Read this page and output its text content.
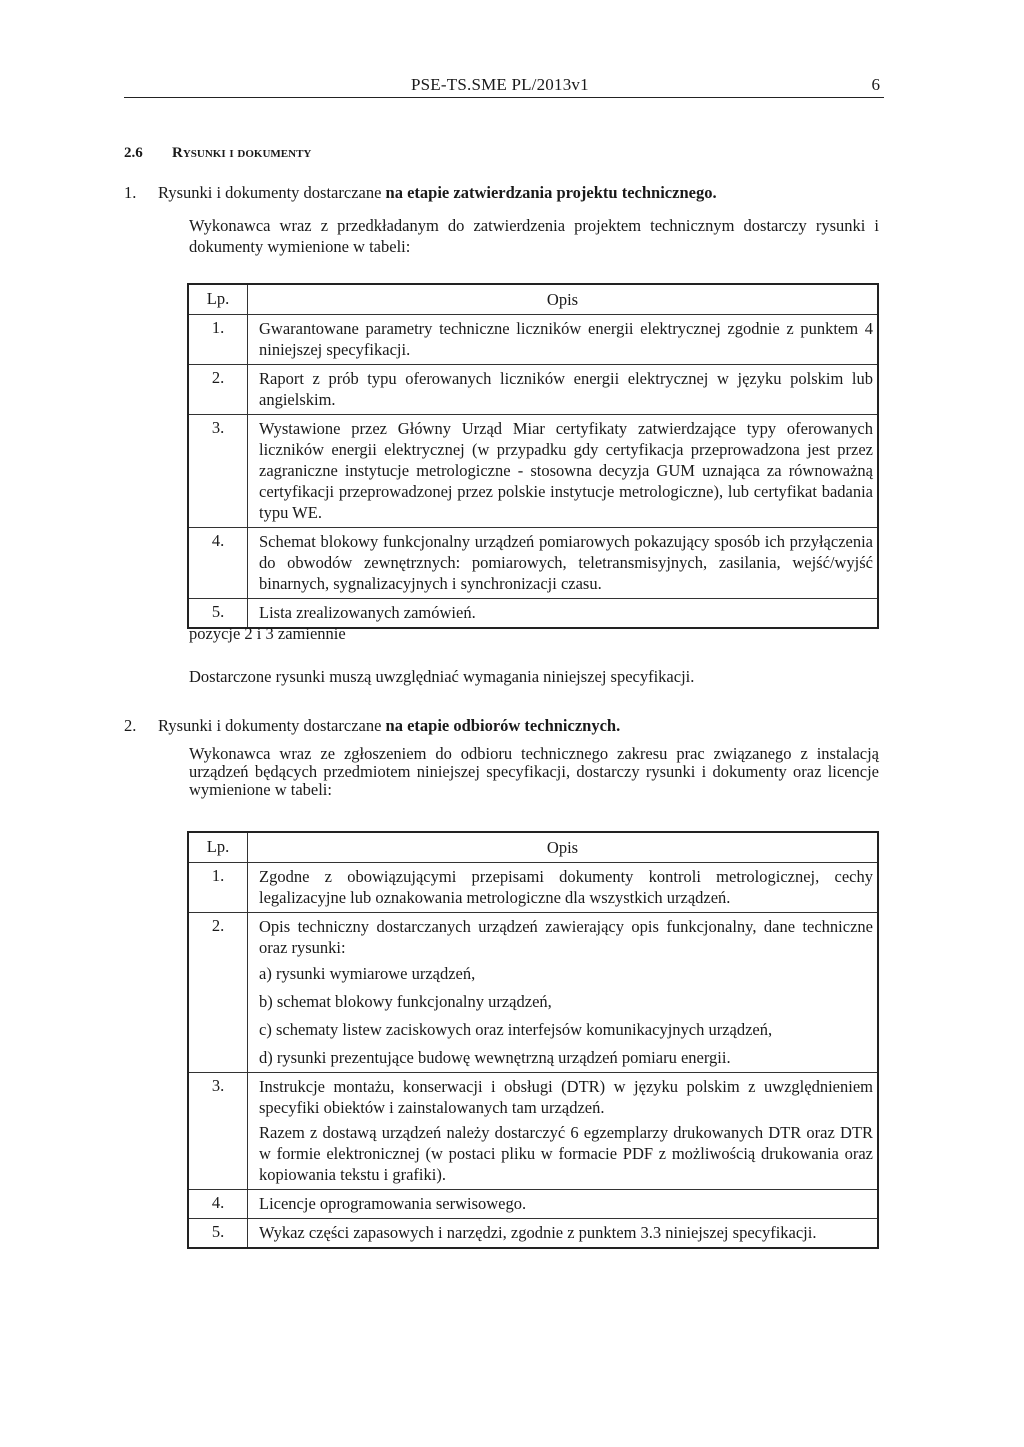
PSE-TS.SME PL/2013v1	6
2.6 Rysunki i dokumenty
1. Rysunki i dokumenty dostarczane na etapie zatwierdzania projektu technicznego.
Wykonawca wraz z przedkładanym do zatwierdzenia projektem technicznym dostarczy rysunki i dokumenty wymienione w tabeli:
Lp.	Opis

1.	Gwarantowane parametry techniczne liczników energii elektrycznej zgodnie z punktem 4 niniejszej specyfikacji.

2.	Raport z prób typu oferowanych liczników energii elektrycznej w języku polskim lub angielskim.

3.	Wystawione przez Główny Urząd Miar certyfikaty zatwierdzające typy oferowanych liczników energii elektrycznej (w przypadku gdy certyfikacja przeprowadzona jest przez zagraniczne instytucje metrologiczne - stosowna decyzja GUM uznająca za równoważną certyfikacji przeprowadzonej przez polskie instytucje metrologiczne), lub certyfikat badania typu WE.

4.	Schemat blokowy funkcjonalny urządzeń pomiarowych pokazujący sposób ich przyłączenia do obwodów zewnętrznych: pomiarowych, teletransmisyjnych, zasilania, wejść/wyjść binarnych, sygnalizacyjnych i synchronizacji czasu.

5.	Lista zrealizowanych zamówień.
pozycje 2 i 3 zamiennie
Dostarczone rysunki muszą uwzględniać wymagania niniejszej specyfikacji.
2. Rysunki i dokumenty dostarczane na etapie odbiorów technicznych.
Wykonawca wraz ze zgłoszeniem do odbioru technicznego zakresu prac związanego z instalacją urządzeń będących przedmiotem niniejszej specyfikacji, dostarczy rysunki i dokumenty oraz licencje wymienione w tabeli:
Lp.	Opis

1.	Zgodne z obowiązującymi przepisami dokumenty kontroli metrologicznej, cechy legalizacyjne lub oznakowania metrologiczne dla wszystkich urządzeń.

2.	Opis techniczny dostarczanych urządzeń zawierający opis funkcjonalny, dane techniczne oraz rysunki:
a) rysunki wymiarowe urządzeń,
b) schemat blokowy funkcjonalny urządzeń,
c) schematy listew zaciskowych oraz interfejsów komunikacyjnych urządzeń,
d) rysunki prezentujące budowę wewnętrzną urządzeń pomiaru energii.

3.	Instrukcje montażu, konserwacji i obsługi (DTR) w języku polskim z uwzględnieniem specyfiki obiektów i zainstalowanych tam urządzeń.
Razem z dostawą urządzeń należy dostarczyć 6 egzemplarzy drukowanych DTR oraz DTR w formie elektronicznej (w postaci pliku w formacie PDF z możliwością drukowania oraz kopiowania tekstu i grafiki).

4.	Licencje oprogramowania serwisowego.

5.	Wykaz części zapasowych i narzędzi, zgodnie z punktem 3.3 niniejszej specyfikacji.
